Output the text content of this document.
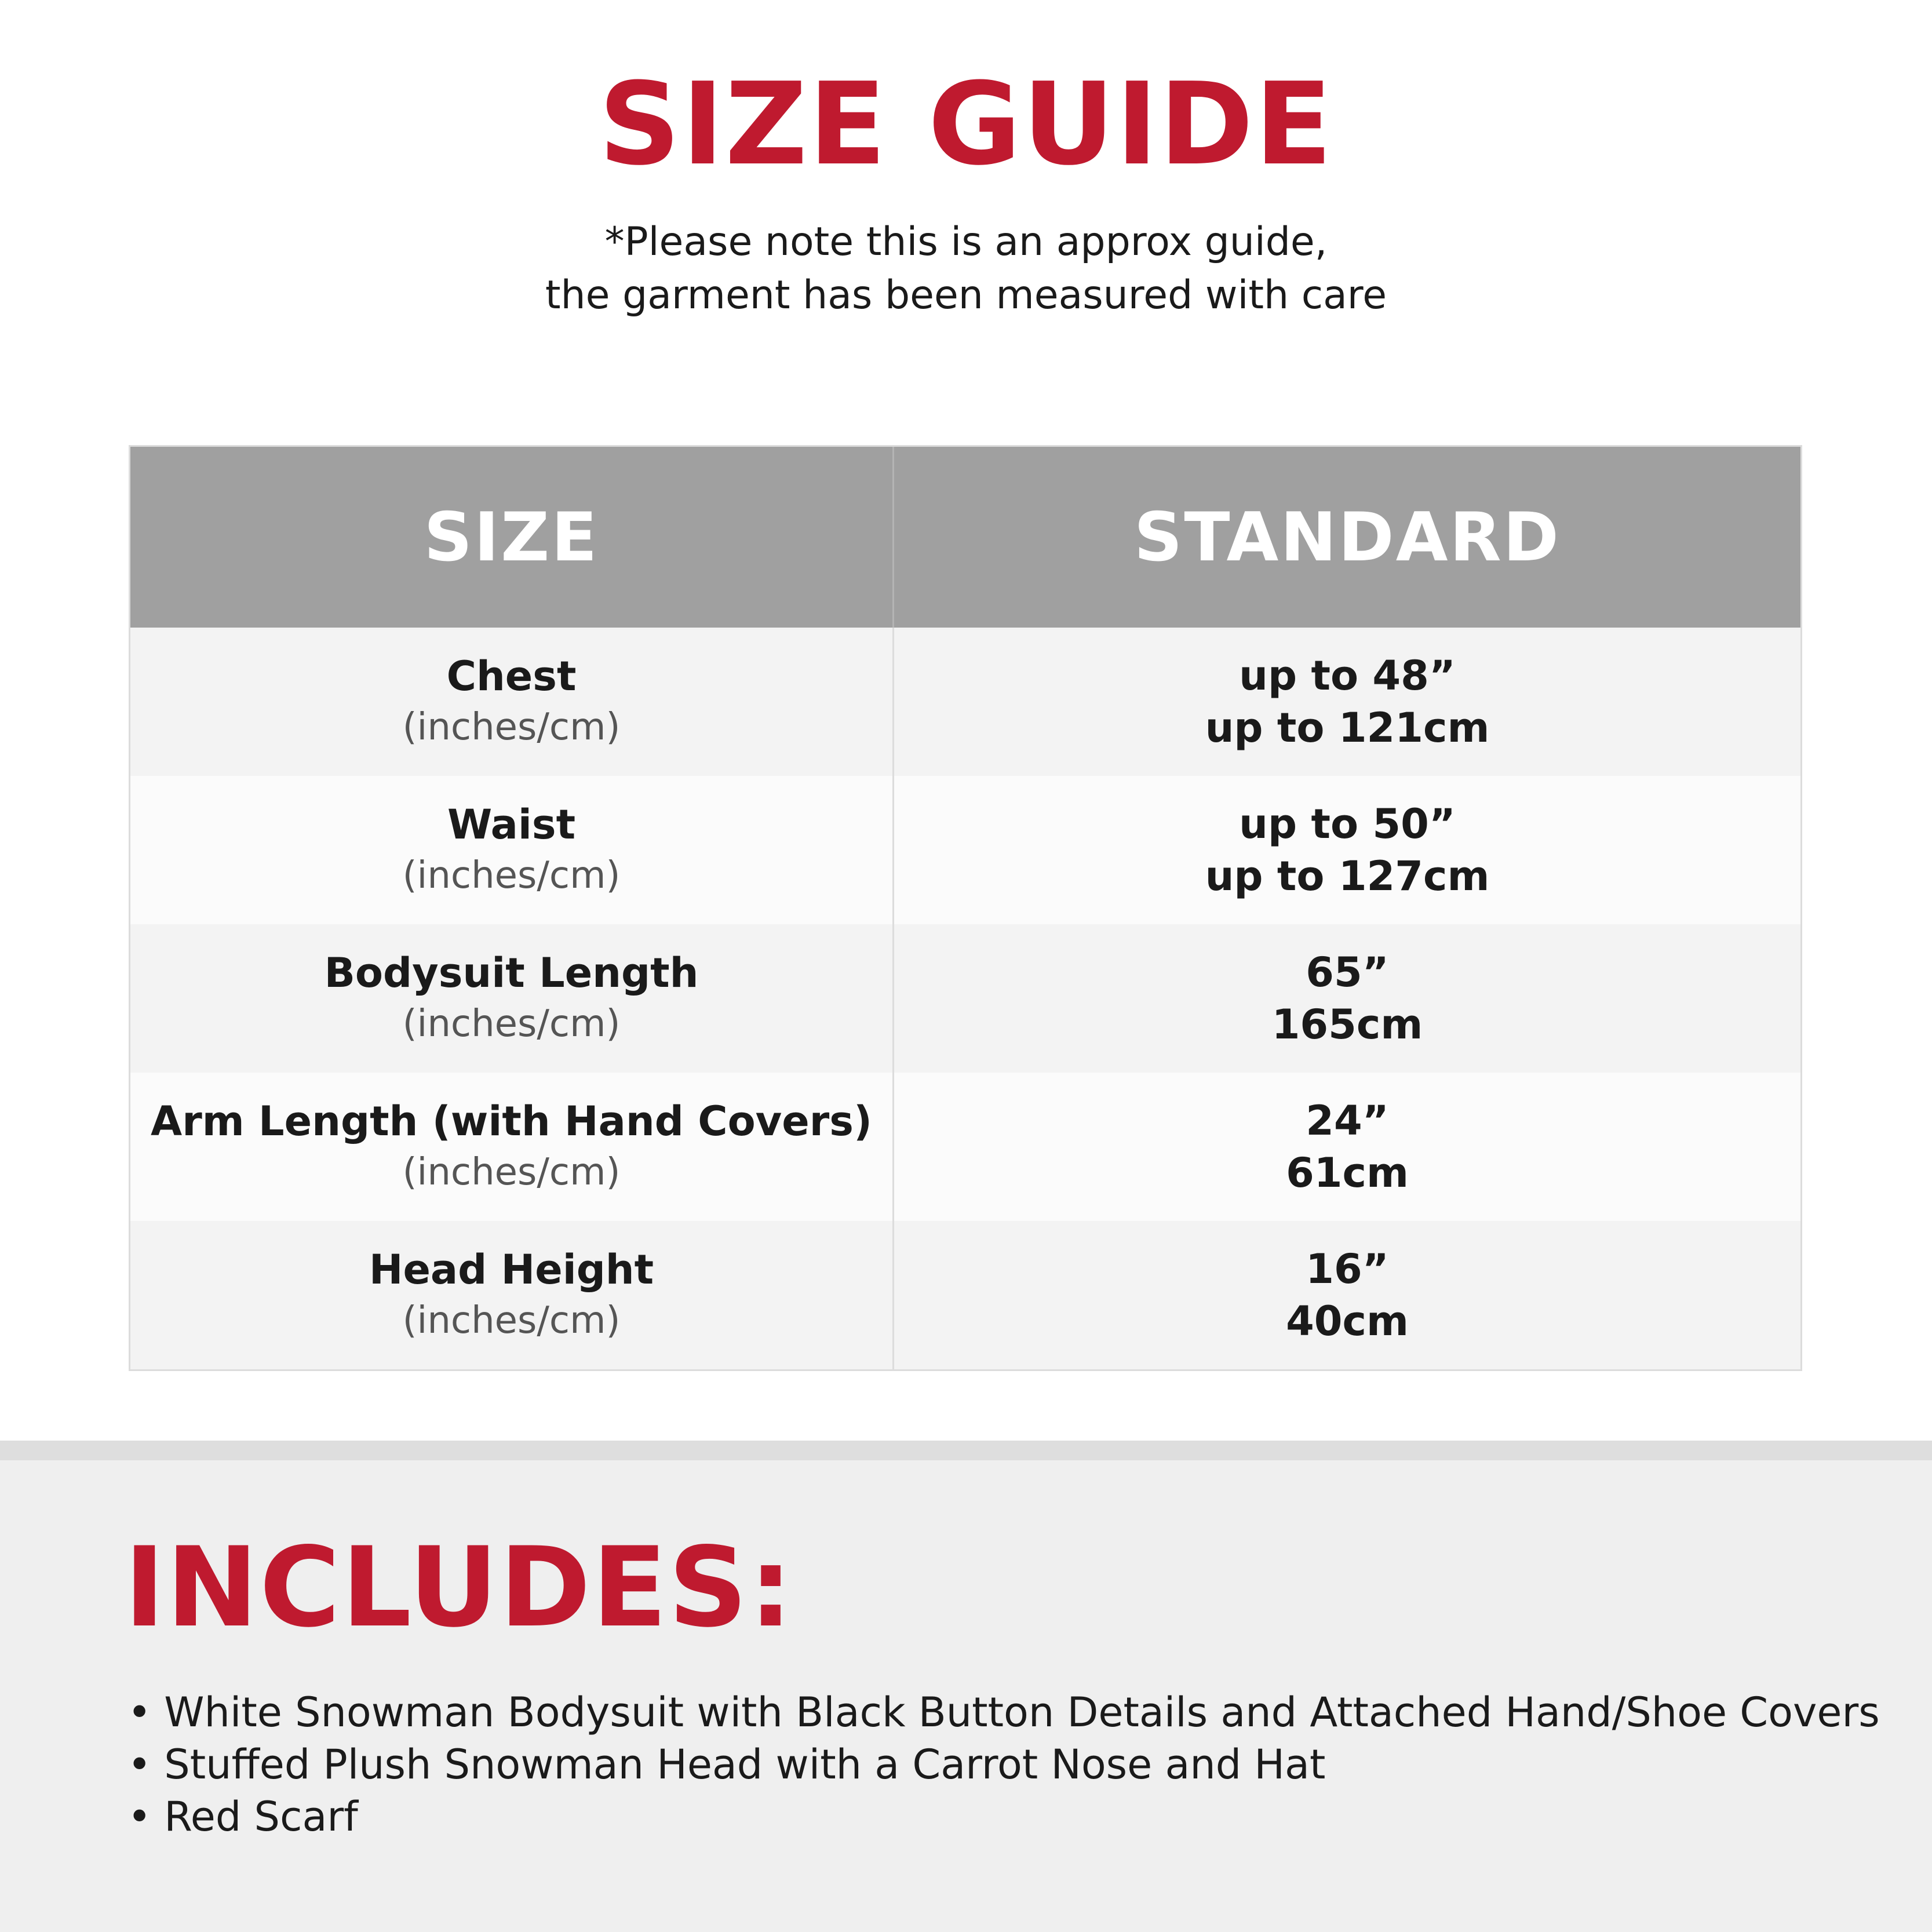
SIZE GUIDE
*Please note this is an approx guide,
the garment has been measured with care
SIZE	STANDARD
Chest
(inches/cm)
up to 48”
up to 121cm
Waist
(inches/cm)
up to 50”
up to 127cm
Bodysuit Length
(inches/cm)
65”
165cm
Arm Length (with Hand Covers)
(inches/cm)
24”
61cm
Head Height
(inches/cm)
16”
40cm
INCLUDES:
• White Snowman Bodysuit with Black Button Details and Attached Hand/Shoe Covers
• Stuffed Plush Snowman Head with a Carrot Nose and Hat
• Red Scarf
